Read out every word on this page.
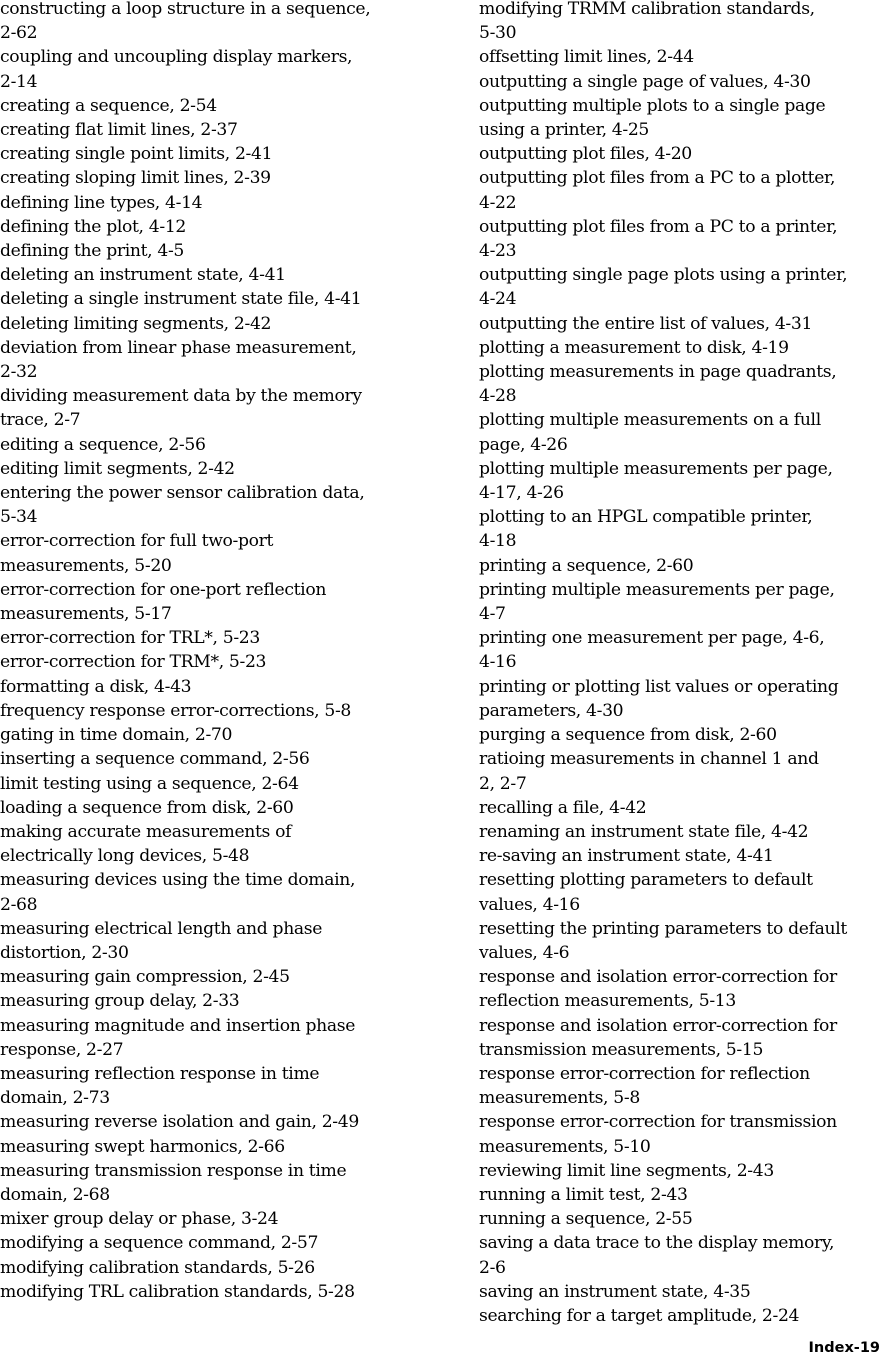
constructing a loop structure in a sequence,
2-62
coupling and uncoupling display markers,
2-14
creating a sequence, 2-54
creating flat limit lines, 2-37
creating single point limits, 2-41
creating sloping limit lines, 2-39
defining line types, 4-14
defining the plot, 4-12
defining the print, 4-5
deleting an instrument state, 4-41
deleting a single instrument state file, 4-41
deleting limiting segments, 2-42
deviation from linear phase measurement,
2-32
dividing measurement data by the memory
trace, 2-7
editing a sequence, 2-56
editing limit segments, 2-42
entering the power sensor calibration data,
5-34
error-correction for full two-port
measurements, 5-20
error-correction for one-port reflection
measurements, 5-17
error-correction for TRL*, 5-23
error-correction for TRM*, 5-23
formatting a disk, 4-43
frequency response error-corrections, 5-8
gating in time domain, 2-70
inserting a sequence command, 2-56
limit testing using a sequence, 2-64
loading a sequence from disk, 2-60
making accurate measurements of
electrically long devices, 5-48
measuring devices using the time domain,
2-68
measuring electrical length and phase
distortion, 2-30
measuring gain compression, 2-45
measuring group delay, 2-33
measuring magnitude and insertion phase
response, 2-27
measuring reflection response in time
domain, 2-73
measuring reverse isolation and gain, 2-49
measuring swept harmonics, 2-66
measuring transmission response in time
domain, 2-68
mixer group delay or phase, 3-24
modifying a sequence command, 2-57
modifying calibration standards, 5-26
modifying TRL calibration standards, 5-28
modifying TRMM calibration standards,
5-30
offsetting limit lines, 2-44
outputting a single page of values, 4-30
outputting multiple plots to a single page
using a printer, 4-25
outputting plot files, 4-20
outputting plot files from a PC to a plotter,
4-22
outputting plot files from a PC to a printer,
4-23
outputting single page plots using a printer,
4-24
outputting the entire list of values, 4-31
plotting a measurement to disk, 4-19
plotting measurements in page quadrants,
4-28
plotting multiple measurements on a full
page, 4-26
plotting multiple measurements per page,
4-17, 4-26
plotting to an HPGL compatible printer,
4-18
printing a sequence, 2-60
printing multiple measurements per page,
4-7
printing one measurement per page, 4-6,
4-16
printing or plotting list values or operating
parameters, 4-30
purging a sequence from disk, 2-60
ratioing measurements in channel 1 and
2, 2-7
recalling a file, 4-42
renaming an instrument state file, 4-42
re-saving an instrument state, 4-41
resetting plotting parameters to default
values, 4-16
resetting the printing parameters to default
values, 4-6
response and isolation error-correction for
reflection measurements, 5-13
response and isolation error-correction for
transmission measurements, 5-15
response error-correction for reflection
measurements, 5-8
response error-correction for transmission
measurements, 5-10
reviewing limit line segments, 2-43
running a limit test, 2-43
running a sequence, 2-55
saving a data trace to the display memory,
2-6
saving an instrument state, 4-35
searching for a target amplitude, 2-24
Index-19
